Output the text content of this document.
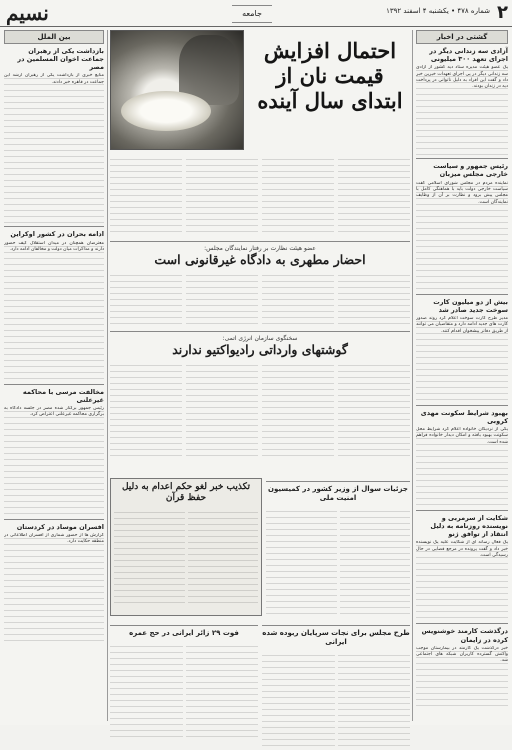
۲
شماره ۴۷۸ • یکشنبه ۴ اسفند ۱۳۹۲
جامعه
نسیم
گشتی در اخبار
آزادی سه زندانی دیگر در اجرای تعهد ۳۰۰ میلیونی
یک عضو هیئت مدیره ستاد دیه کشور از آزادی سه زندانی دیگر در پی اجرای تعهدات خیرین خبر داد و گفت این افراد به دلیل ناتوانی در پرداخت دیه در زندان بودند.
رئیس جمهور و سیاست خارجی مجلس میزبان
نماینده مردم در مجلس شورای اسلامی گفت سیاست خارجی دولت باید با هماهنگی کامل با مجلس پیش برود و نظارت بر آن از وظایف نمایندگان است.
بیش از دو میلیون کارت سوخت جدید صادر شد
مدیر طرح کارت سوخت اعلام کرد روند صدور کارت های جدید ادامه دارد و متقاضیان می توانند از طریق دفاتر پیشخوان اقدام کنند.
بهبود شرایط سکونت مهدی کروبی
یکی از نزدیکان خانواده اعلام کرد شرایط محل سکونت بهبود یافته و امکان دیدار خانواده فراهم شده است.
شکایت از سرمربی و نویسنده روزنامه به دلیل انتقاد از توافق ژنو
یک فعال رسانه ای از شکایت علیه یک نویسنده خبر داد و گفت پرونده در مرجع قضایی در حال رسیدگی است.
درگذشت کارمند خوشنویس کرده در زایمان
خبر درگذشت یک کارمند در بیمارستان موجب واکنش گسترده کاربران شبکه های اجتماعی شد.
بین الملل
بازداشت یکی از رهبران جماعت اخوان المسلمین در مصر
منابع خبری از بازداشت یکی از رهبران ارشد این جماعت در قاهره خبر دادند.
ادامه بحران در کشور اوکراین
معترضان همچنان در میدان استقلال کیف حضور دارند و مذاکرات میان دولت و مخالفان ادامه دارد.
مخالفت مرسی با محاکمه غیرعلنی
رئیس جمهور برکنار شده مصر در جلسه دادگاه به برگزاری محاکمه غیرعلنی اعتراض کرد.
افسران موساد در کردستان
گزارش ها از حضور شماری از افسران اطلاعاتی در منطقه حکایت دارد.
احتمال افزایش قیمت نان از ابتدای سال آینده
عضو هیئت نظارت بر رفتار نمایندگان مجلس:
احضار مطهری به دادگاه غیرقانونی است
سخنگوی سازمان انرژی اتمی:
گوشتهای وارداتی رادیواکتیو ندارند
جزئیات سوال از وزیر کشور در کمیسیون امنیت ملی
تکذیب خبر لغو حکم اعدام به دلیل حفظ قرآن
طرح مجلس برای نجات سرپایان ربوده شده ایرانی
فوت ۲۹ زائر ایرانی در حج عمره
